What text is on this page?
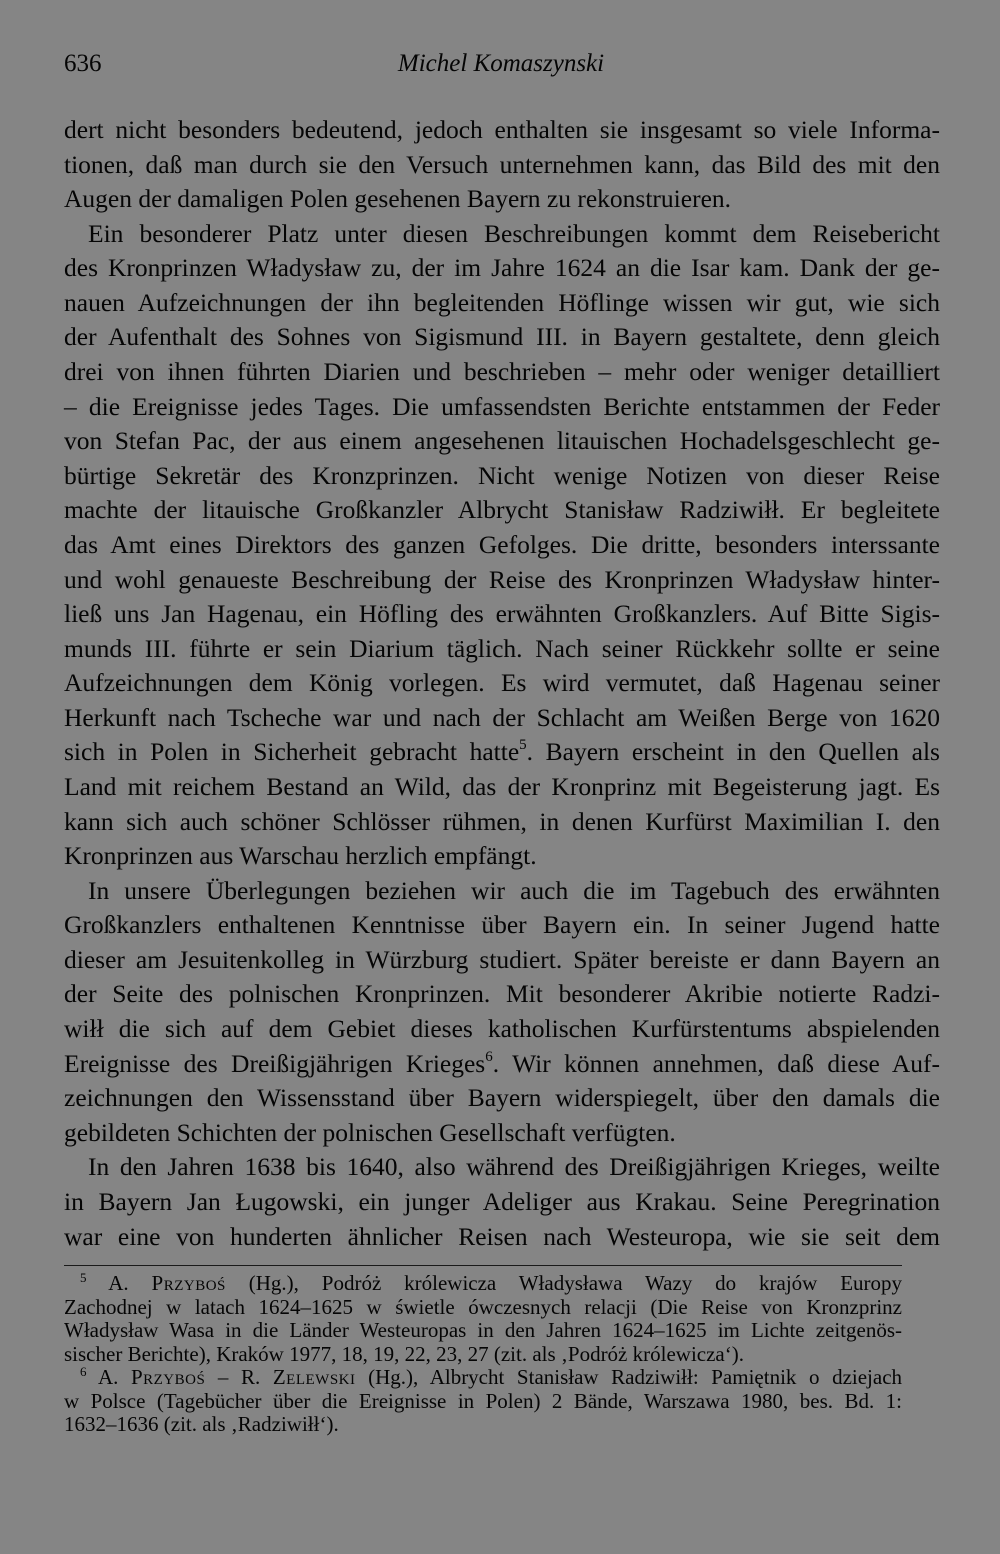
636	Michel Komaszynski
dert nicht besonders bedeutend, jedoch enthalten sie insgesamt so viele Informa-
tionen, daß man durch sie den Versuch unternehmen kann, das Bild des mit den
Augen der damaligen Polen gesehenen Bayern zu rekonstruieren.
Ein besonderer Platz unter diesen Beschreibungen kommt dem Reisebericht
des Kronprinzen Władysław zu, der im Jahre 1624 an die Isar kam. Dank der ge-
nauen Aufzeichnungen der ihn begleitenden Höflinge wissen wir gut, wie sich
der Aufenthalt des Sohnes von Sigismund III. in Bayern gestaltete, denn gleich
drei von ihnen führten Diarien und beschrieben – mehr oder weniger detailliert
– die Ereignisse jedes Tages. Die umfassendsten Berichte entstammen der Feder
von Stefan Pac, der aus einem angesehenen litauischen Hochadelsgeschlecht ge-
bürtige Sekretär des Kronzprinzen. Nicht wenige Notizen von dieser Reise
machte der litauische Großkanzler Albrycht Stanisław Radziwiłł. Er begleitete
das Amt eines Direktors des ganzen Gefolges. Die dritte, besonders interssante
und wohl genaueste Beschreibung der Reise des Kronprinzen Władysław hinter-
ließ uns Jan Hagenau, ein Höfling des erwähnten Großkanzlers. Auf Bitte Sigis-
munds III. führte er sein Diarium täglich. Nach seiner Rückkehr sollte er seine
Aufzeichnungen dem König vorlegen. Es wird vermutet, daß Hagenau seiner
Herkunft nach Tscheche war und nach der Schlacht am Weißen Berge von 1620
sich in Polen in Sicherheit gebracht hatte$^5$. Bayern erscheint in den Quellen als
Land mit reichem Bestand an Wild, das der Kronprinz mit Begeisterung jagt. Es
kann sich auch schöner Schlösser rühmen, in denen Kurfürst Maximilian I. den
Kronprinzen aus Warschau herzlich empfängt.
In unsere Überlegungen beziehen wir auch die im Tagebuch des erwähnten
Großkanzlers enthaltenen Kenntnisse über Bayern ein. In seiner Jugend hatte
dieser am Jesuitenkolleg in Würzburg studiert. Später bereiste er dann Bayern an
der Seite des polnischen Kronprinzen. Mit besonderer Akribie notierte Radzi-
wiłł die sich auf dem Gebiet dieses katholischen Kurfürstentums abspielenden
Ereignisse des Dreißigjährigen Krieges$^6$. Wir können annehmen, daß diese Auf-
zeichnungen den Wissensstand über Bayern widerspiegelt, über den damals die
gebildeten Schichten der polnischen Gesellschaft verfügten.
In den Jahren 1638 bis 1640, also während des Dreißigjährigen Krieges, weilte
in Bayern Jan Ługowski, ein junger Adeliger aus Krakau. Seine Peregrination
war eine von hunderten ähnlicher Reisen nach Westeuropa, wie sie seit dem
$^5$ A. Przyboś (Hg.), Podróż królewicza Władysława Wazy do krajów Europy
Zachodnej w latach 1624–1625 w świetle ówczesnych relacji (Die Reise von Kronzprinz
Władysław Wasa in die Länder Westeuropas in den Jahren 1624–1625 im Lichte zeitgenös-
sischer Berichte), Kraków 1977, 18, 19, 22, 23, 27 (zit. als ‚Podróż królewicza‘).
$^6$ A. Przyboś – R. Zelewski (Hg.), Albrycht Stanisław Radziwiłł: Pamiętnik o dziejach
w Polsce (Tagebücher über die Ereignisse in Polen) 2 Bände, Warszawa 1980, bes. Bd. 1:
1632–1636 (zit. als ‚Radziwiłł‘).
